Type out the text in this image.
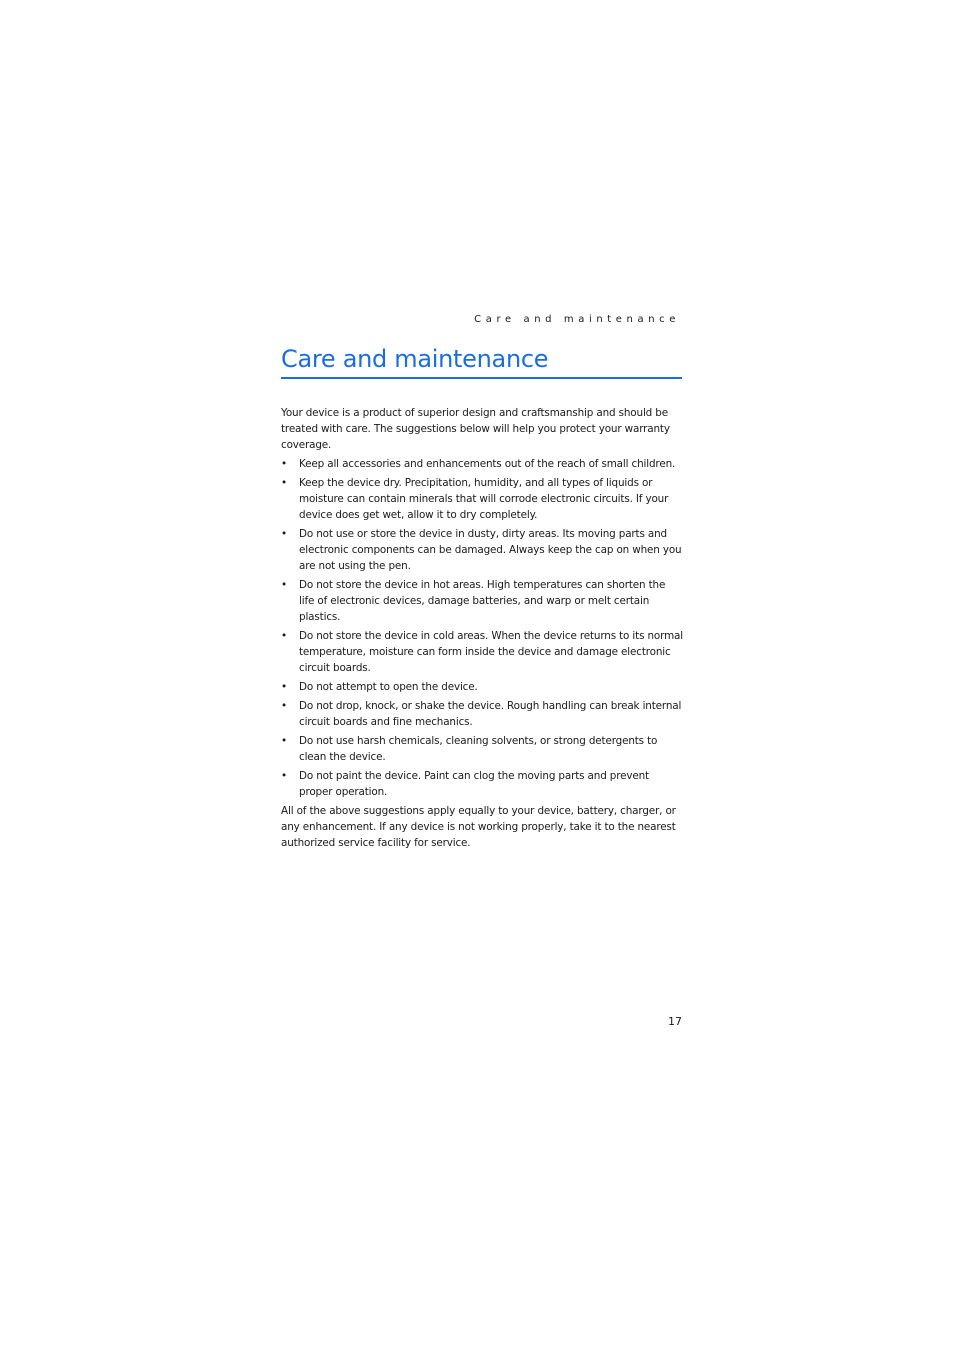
Care and maintenance
Care and maintenance

Your device is a product of superior design and craftsmanship and should be treated with care. The suggestions below will help you protect your warranty coverage.

• Keep all accessories and enhancements out of the reach of small children.
• Keep the device dry. Precipitation, humidity, and all types of liquids or moisture can contain minerals that will corrode electronic circuits. If your device does get wet, allow it to dry completely.
• Do not use or store the device in dusty, dirty areas. Its moving parts and electronic components can be damaged. Always keep the cap on when you are not using the pen.
• Do not store the device in hot areas. High temperatures can shorten the life of electronic devices, damage batteries, and warp or melt certain plastics.
• Do not store the device in cold areas. When the device returns to its normal temperature, moisture can form inside the device and damage electronic circuit boards.
• Do not attempt to open the device.
• Do not drop, knock, or shake the device. Rough handling can break internal circuit boards and fine mechanics.
• Do not use harsh chemicals, cleaning solvents, or strong detergents to clean the device.
• Do not paint the device. Paint can clog the moving parts and prevent proper operation.

All of the above suggestions apply equally to your device, battery, charger, or any enhancement. If any device is not working properly, take it to the nearest authorized service facility for service.

17
